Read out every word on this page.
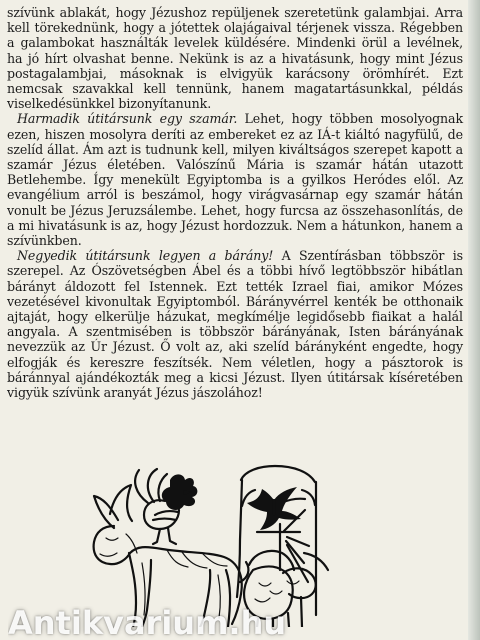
szívünk ablakát, hogy Jézushoz repüljenek szeretetünk galambjai. Arra kell törekednünk, hogy a jótettek olajágaival térjenek vissza. Régebben a galambokat használták levelek küldésére. Mindenki örül a levélnek, ha jó hírt olvashat benne. Nekünk is az a hivatásunk, hogy mint Jézus postagalambjai, másoknak is elvigyük karácsony örömhírét. Ezt nemcsak szavakkal kell tennünk, hanem magatartásunkkal, példás viselkedésünkkel bizonyítanunk.

Harmadik útitársunk egy szamár. Lehet, hogy többen mosolyognak ezen, hiszen mosolyra deríti az embereket ez az IÁ-t kiáltó nagyfülű, de szelíd állat. Ám azt is tudnunk kell, milyen kiváltságos szerepet kapott a szamár Jézus életében. Valószínű Mária is szamár hátán utazott Betlehembe. Így menekült Egyiptomba is a gyilkos Heródes elől. Az evangélium arról is beszámol, hogy virágvasárnap egy szamár hátán vonult be Jézus Jeruzsálembe. Lehet, hogy furcsa az összehasonlítás, de a mi hivatásunk is az, hogy Jézust hordozzuk. Nem a hátunkon, hanem a szívünkben.

Negyedik útitársunk legyen a bárány! A Szentírásban többször is szerepel. Az Ószövetségben Ábel és a többi hívő legtöbbször hibátlan bárányt áldozott fel Istennek. Ezt tették Izrael fiai, amikor Mózes vezetésével kivonultak Egyiptomból. Bárányvérrel kenték be otthonaik ajtaját, hogy elkerülje házukat, megkímélje legidősebb fiaikat a halál angyala. A szentmisében is többször bárányának, Isten bárányának nevezzük az Úr Jézust. Ő volt az, aki szelíd bárányként engedte, hogy elfogják és kereszre feszítsék. Nem véletlen, hogy a pásztorok is báránnyal ajándékozták meg a kicsi Jézust. Ilyen útitársak kíséretében vigyük szívünk aranyát Jézus jászolához!

Antikvarium.hu
